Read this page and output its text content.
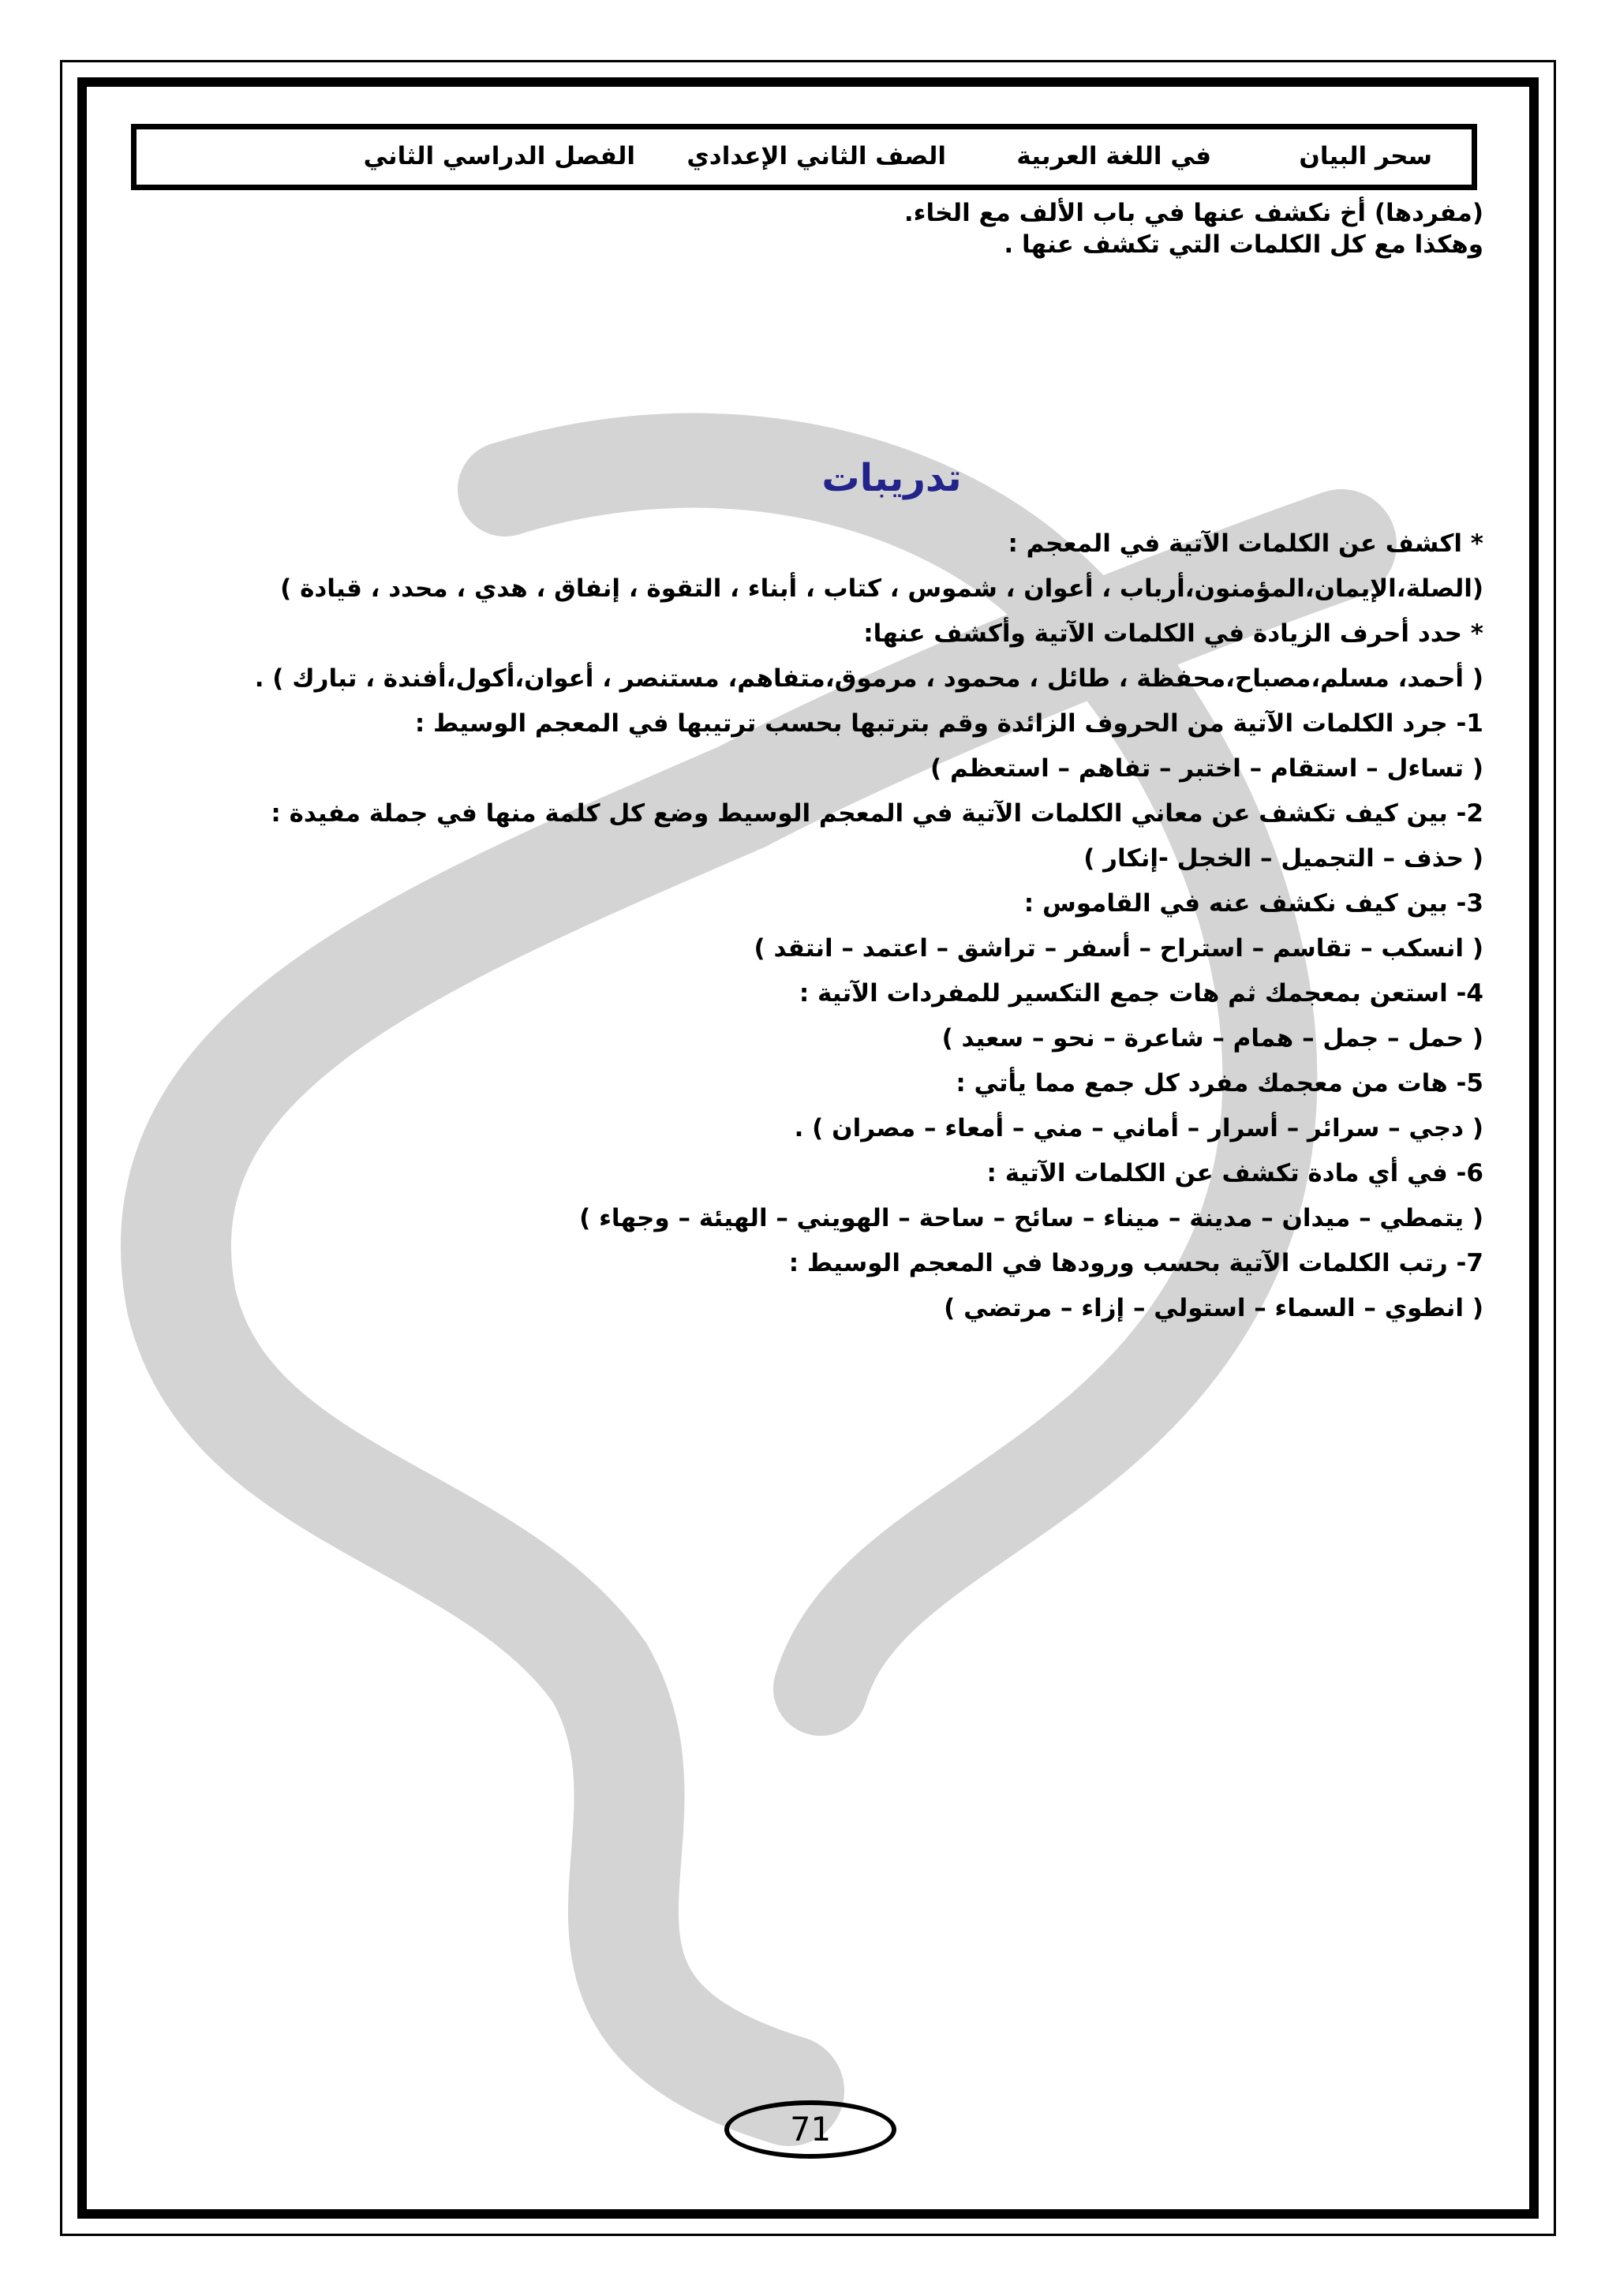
سحر البيان
في اللغة العربية
الصف الثاني الإعدادي
الفصل الدراسي الثاني

(مفردها) أخ نكشف عنها في باب الألف مع الخاء.

وهكذا مع كل الكلمات التي تكشف عنها .

تدريبات

* اكشف عن الكلمات الآتية في المعجم :

(الصلة،الإيمان،المؤمنون،أرباب ، أعوان ، شموس ، كتاب ، أبناء ، التقوة ، إنفاق ، هدي ، محدد ، قيادة )

* حدد أحرف الزيادة في الكلمات الآتية وأكشف عنها:

( أحمد، مسلم،مصباح،محفظة ، طائل ، محمود ، مرموق،متفاهم، مستنصر ، أعوان،أكول،أفندة ، تبارك ) .

1- جرد الكلمات الآتية من الحروف الزائدة وقم بترتبها بحسب ترتيبها في المعجم الوسيط :

( تساءل – استقام – اختبر – تفاهم – استعظم )

2- بين كيف تكشف عن معاني الكلمات الآتية في المعجم الوسيط وضع كل كلمة منها في جملة مفيدة :

( حذف – التجميل – الخجل -إنكار )

3- بين كيف نكشف عنه في القاموس :

( انسكب – تقاسم – استراح – أسفر – تراشق – اعتمد – انتقد )

4- استعن بمعجمك ثم هات جمع التكسير للمفردات الآتية :

( حمل – جمل – همام – شاعرة – نحو – سعيد )

5- هات من معجمك مفرد كل جمع مما يأتي :

( دجي – سرائر – أسرار – أماني – مني – أمعاء – مصران ) .

6- في أي مادة تكشف عن الكلمات الآتية :

( يتمطي – ميدان – مدينة – ميناء – سائح – ساحة – الهويني – الهيئة – وجهاء )

7- رتب الكلمات الآتية بحسب ورودها في المعجم الوسيط :

( انطوي – السماء – استولي – إزاء – مرتضي )

71
